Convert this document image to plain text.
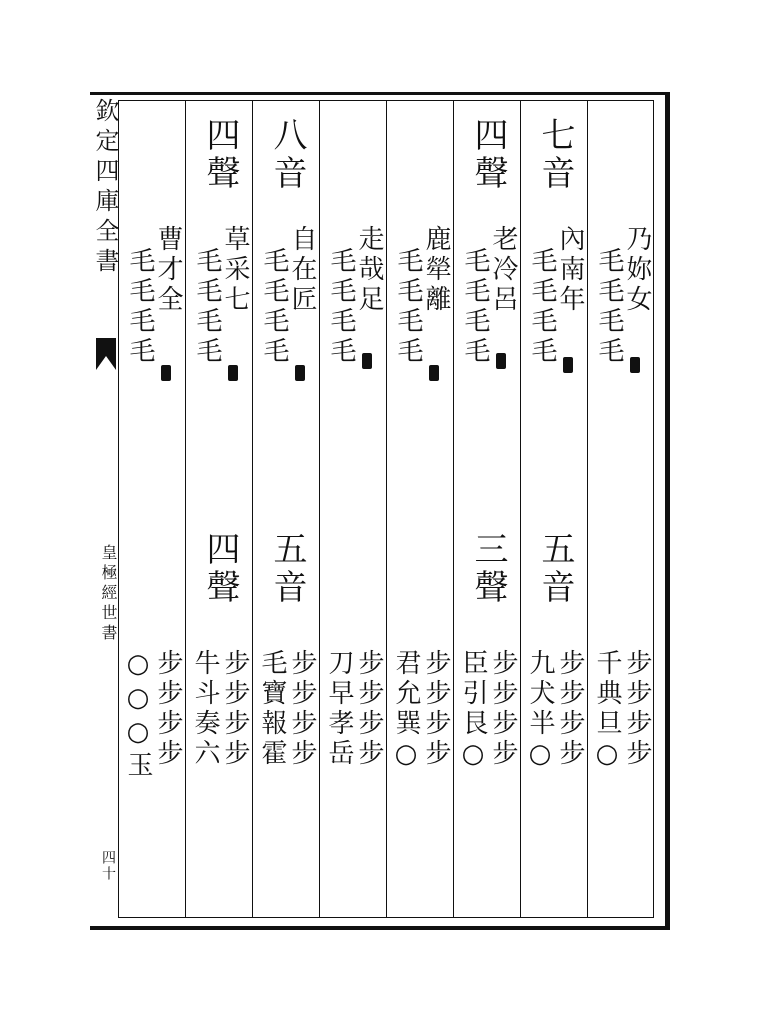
欽定四庫全書
皇極經世書
四十
曹才全
毛毛毛毛
步步步步
○○○玉
四聲
草采七
毛毛毛毛
四聲
步步步步
牛斗奏六
八音
自在匠
毛毛毛毛
五音
步步步步
毛寶報霍
走哉足
毛毛毛毛
步步步步
刀早孝岳
鹿犖離
毛毛毛毛
步步步步
君允巽○
四聲
老冷呂
毛毛毛毛
三聲
步步步步
臣引艮○
七音
內南年
毛毛毛毛
五音
步步步步
九犬半○
乃妳女
毛毛毛毛
步步步步
千典旦○
